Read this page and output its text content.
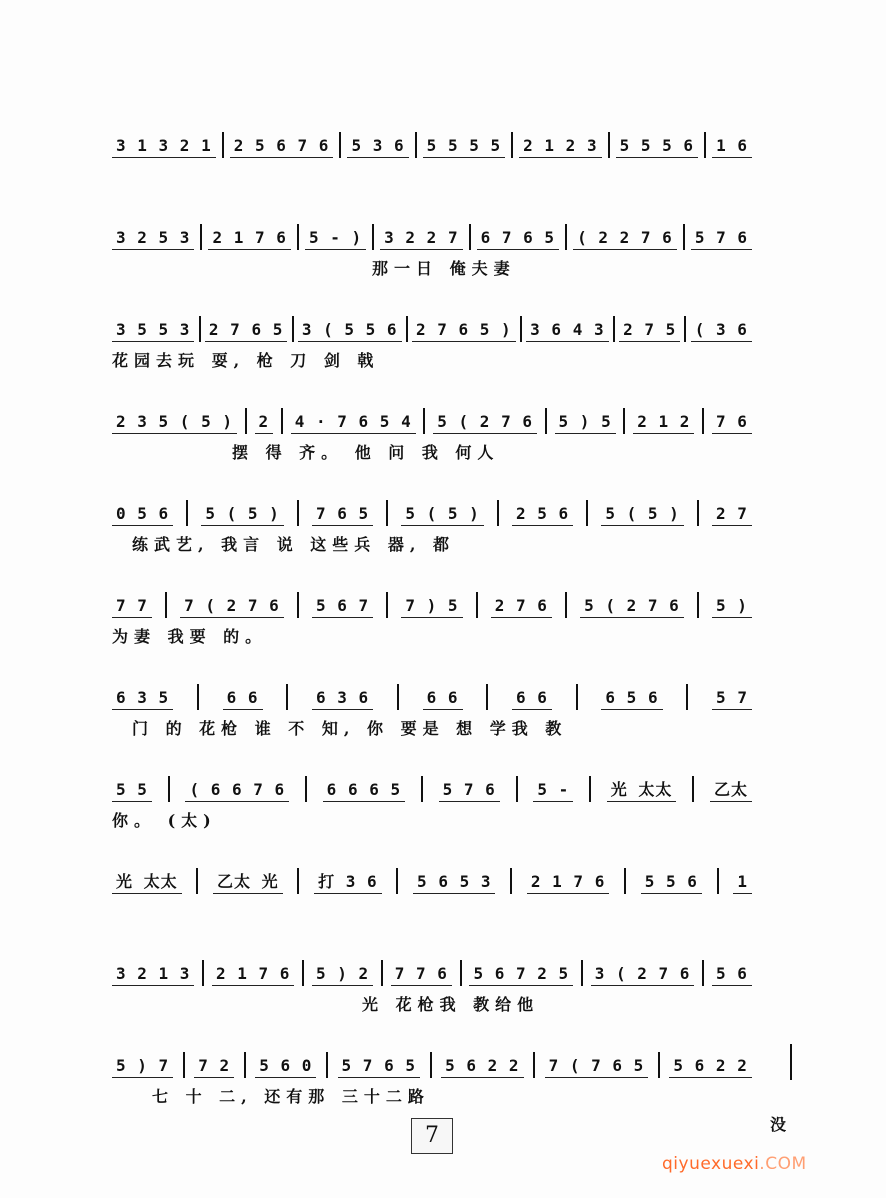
3 1 3 2 1 2 5 6 7 6 5 3 6 5 5 5 5 2 1 2 3 5 5 5 6 1 6
3 2 5 3 2 1 7 6 5 - ) 3 2 2 7 6 7 6 5 ( 2 2 7 6 5 7 6
那一日 俺夫妻
3 5 5 3 2 7 6 5 3 ( 5 5 6 2 7 6 5 ) 3 6 4 3 2 7 5 ( 3 6
花园去玩 耍, 枪 刀 剑 戟
2 3 5 ( 5 ) 2 4 · 7 6 5 4 5 ( 2 7 6 5 ) 5 2 1 2 7 6
摆 得 齐。 他 问 我 何人
0 5 6 5 ( 5 ) 7 6 5 5 ( 5 ) 2 5 6 5 ( 5 ) 2 7
练武艺, 我言 说 这些兵 器, 都
7 7 7 ( 2 7 6 5 6 7 7 ) 5 2 7 6 5 ( 2 7 6 5 )
为妻 我要 的。
6 3 5	6 6	6 3 6	6 6	6 6	6 5 6	5 7
门 的 花枪 谁 不 知, 你 要是 想 学我 教
5 5	( 6 6 7 6	6 6 6 5	5 7 6	5 -	光 太太	乙太
你。 (太)
光 太太 乙太 光 打 3 6 5 6 5 3 2 1 7 6 5 5 6 1
3 2 1 3 2 1 7 6 5 ) 2 7 7 6 5 6 7 2 5 3 ( 2 7 6 5 6
光 花枪我 教给他
5 ) 7 7 2 5 6 0 5 7 6 5 5 6 2 2 7 ( 7 6 5 5 6 2 2
七 十 二, 还有那 三十二路
没
7
qiyuexuexi.COM
